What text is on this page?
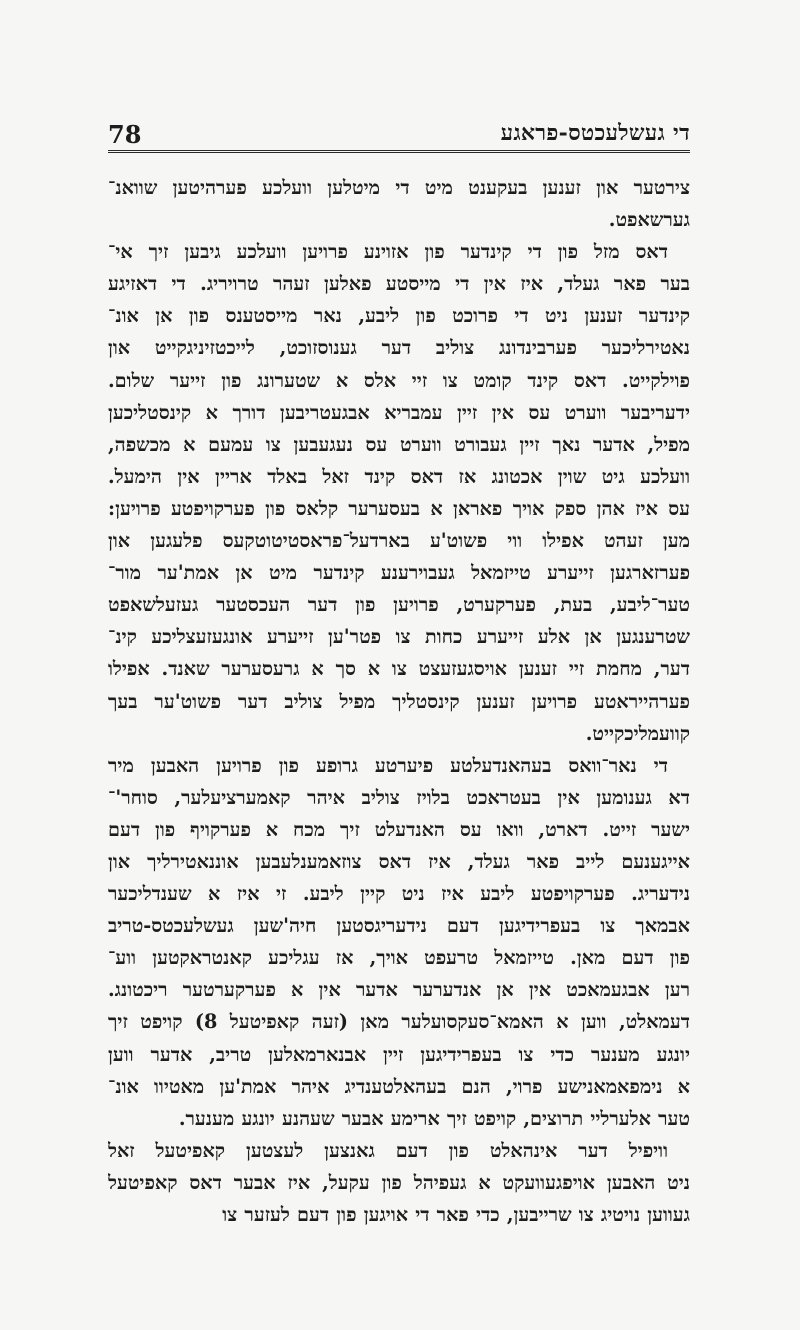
די געשלעכטס-פראגע
78
צירטער און זענען בעקענט מיט די מיטלען וועלכע פערהיטען שוואנ־
גערשאפט.
דאס מזל פון די קינדער פון אזוינע פרויען וועלכע גיבען זיך אי־
בער פאר געלד, איז אין די מייסטע פאלען זעהר טרויריג. די דאזיגע
קינדער זענען ניט די פרוכט פון ליבע, נאר מייסטענס פון אן אונ־
נאטירליכער פערבינדונג צוליב דער גענוסזוכט, לייכטזיניגקייט און
פוילקייט. דאס קינד קומט צו זיי אלס א שטערונג פון זייער שלום.
ידעריבער ווערט עס אין זיין עמבריא אבגעטריבען דורך א קינסטליכען
מפיל, אדער נאך זיין געבורט ווערט עס נעגעבען צו עמעם א מכשפה,
וועלכע גיט שוין אכטונג אז דאס קינד זאל באלד אריין אין הימעל.
עס איז אהן ספק אויך פאראן א בעסערער קלאס פון פערקויפטע פרויען:
מען זעהט אפילו ווי פשוט'ע בארדעל־פראסטיטוטקעס פלעגען און
פערזארגען זייערע טייזמאל געבוירענע קינדער מיט אן אמת'ער מור־
טער־ליבע, בעת, פערקערט, פרויען פון דער העכסטער געזעלשאפט
שטרענגען אן אלע זייערע כחות צו פטר'ען זייערע אונגעזעצליכע קינ־
דער, מחמת זיי זענען אויסגעזעצט צו א סך א גרעסערער שאנד. אפילו
פערהייראטע פרויען זענען קינסטליך מפיל צוליב דער פשוט'ער בעך
קוועמליכקייט.
די נאר־וואס בעהאנדעלטע פיערטע גרופע פון פרויען האבען מיר
דא גענומען אין בעטראכט בלויז צוליב איהר קאמערציעלער, סוחר'־
ישער זייט. דארט, וואו עס האנדעלט זיך מכח א פערקויף פון דעם
אייגענעם לייב פאר געלד, איז דאס צוזאמענלעבען אוננאטירליך און
נידעריג. פערקויפטע ליבע איז ניט קיין ליבע. זי איז א שענדליכער
אבמאך צו בעפרידיגען דעם נידעריגסטען חיה'שען געשלעכטס-טריב
פון דעם מאן. טייזמאל טרעפט אויך, אז עגליכע קאנטראקטען ווע־
רען אבגעמאכט אין אן אנדערער אדער אין א פערקערטער ריכטונג.
דעמאלט, ווען א האמא־סעקסועלער מאן (זעה קאפיטעל 8) קויפט זיך
יונגע מענער כדי צו בעפרידיגען זיין אבנארמאלען טריב, אדער ווען
א נימפאמאנישע פרוי, הנם בעהאלטענדיג איהר אמת'ען מאטיוו אונ־
טער אלערליי תרוצים, קויפט זיך ארימע אבער שעהנע יונגע מענער.
וויפיל דער אינהאלט פון דעם גאנצען לעצטען קאפיטעל זאל
ניט האבען אויפגעוועקט א געפיהל פון עקעל, איז אבער דאס קאפיטעל
געווען נויטיג צו שרייבען, כדי פאר די אויגען פון דעם לעזער צו
